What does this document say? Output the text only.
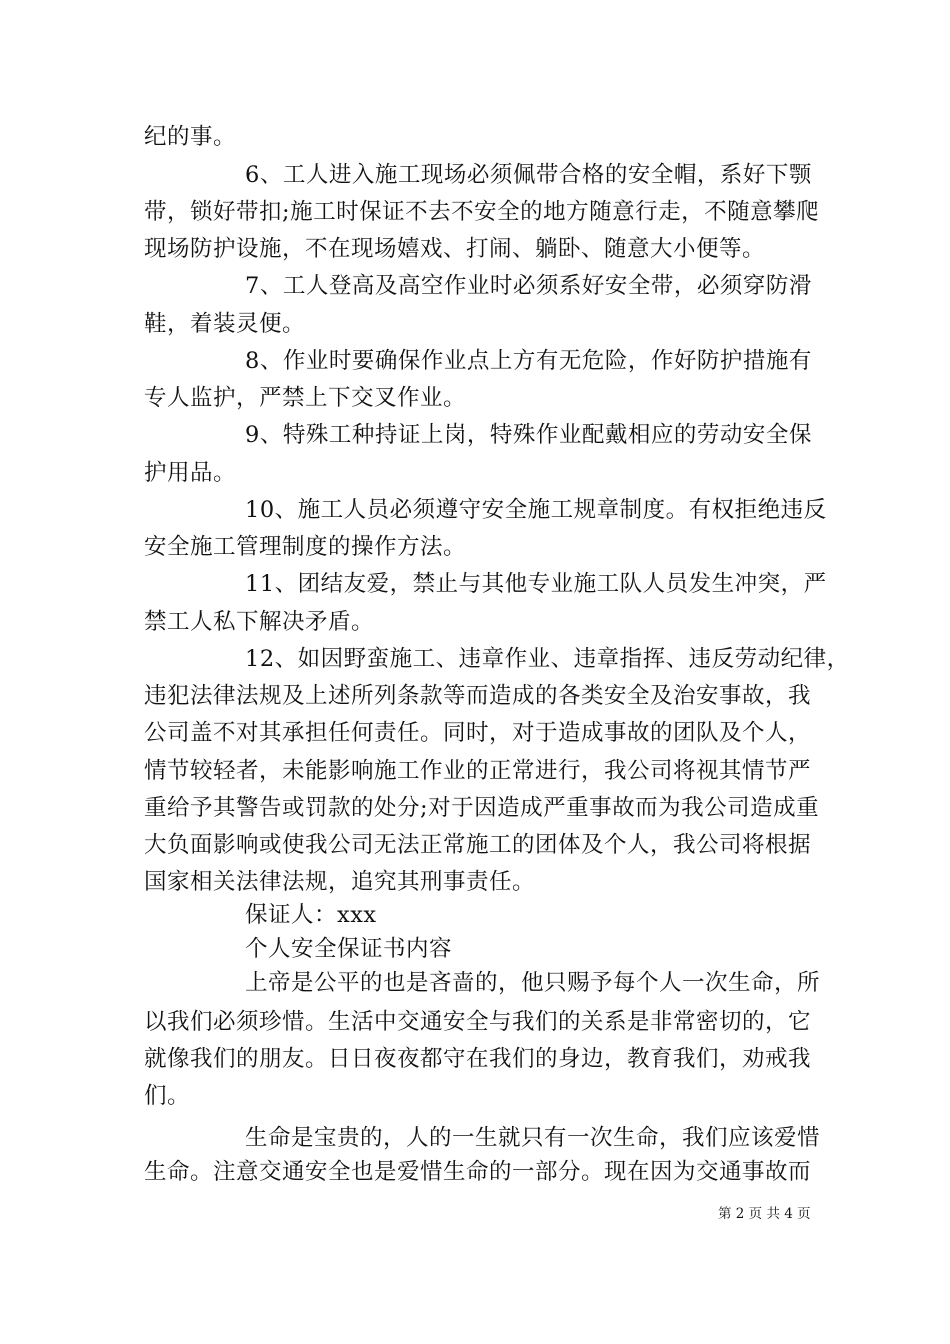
纪的事。
6、工人进入施工现场必须佩带合格的安全帽，系好下颚
带，锁好带扣;施工时保证不去不安全的地方随意行走，不随意攀爬
现场防护设施，不在现场嬉戏、打闹、躺卧、随意大小便等。
7、工人登高及高空作业时必须系好安全带，必须穿防滑
鞋，着装灵便。
8、作业时要确保作业点上方有无危险，作好防护措施有
专人监护，严禁上下交叉作业。
9、特殊工种持证上岗，特殊作业配戴相应的劳动安全保
护用品。
10、施工人员必须遵守安全施工规章制度。有权拒绝违反
安全施工管理制度的操作方法。
11、团结友爱，禁止与其他专业施工队人员发生冲突，严
禁工人私下解决矛盾。
12、如因野蛮施工、违章作业、违章指挥、违反劳动纪律，
违犯法律法规及上述所列条款等而造成的各类安全及治安事故，我
公司盖不对其承担任何责任。同时，对于造成事故的团队及个人，
情节较轻者，未能影响施工作业的正常进行，我公司将视其情节严
重给予其警告或罚款的处分;对于因造成严重事故而为我公司造成重
大负面影响或使我公司无法正常施工的团体及个人，我公司将根据
国家相关法律法规，追究其刑事责任。
保证人：xxx
个人安全保证书内容
上帝是公平的也是吝啬的，他只赐予每个人一次生命，所
以我们必须珍惜。生活中交通安全与我们的关系是非常密切的，它
就像我们的朋友。日日夜夜都守在我们的身边，教育我们，劝戒我
们。
生命是宝贵的，人的一生就只有一次生命，我们应该爱惜
生命。注意交通安全也是爱惜生命的一部分。现在因为交通事故而
第 2 页 共 4 页
